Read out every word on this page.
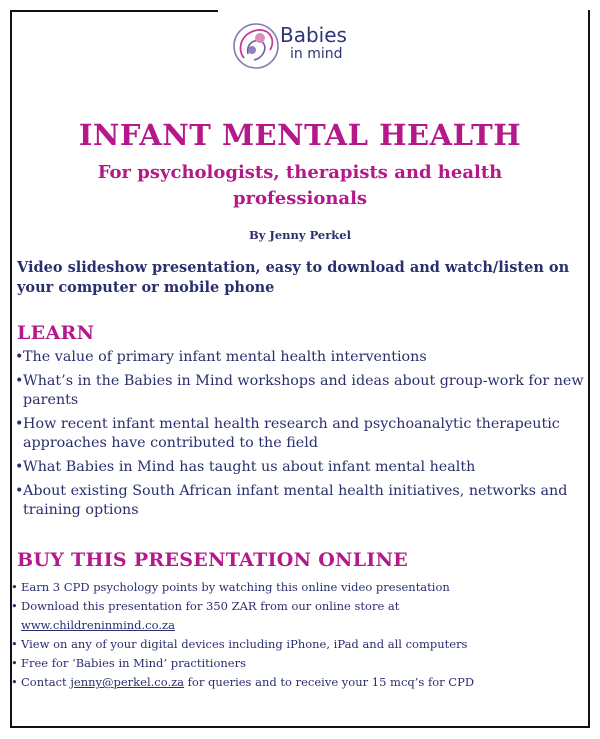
Babies
in mind
INFANT MENTAL HEALTH
For psychologists, therapists and health professionals
By Jenny Perkel
Video slideshow presentation, easy to download and watch/listen on your computer or mobile phone
LEARN
• The value of primary infant mental health interventions
• What’s in the Babies in Mind workshops and ideas about group-work for new parents
• How recent infant mental health research and psychoanalytic therapeutic approaches have contributed to the field
• What Babies in Mind has taught us about infant mental health
• About existing South African infant mental health initiatives, networks and training options
BUY THIS PRESENTATION ONLINE
• Earn 3 CPD psychology points by watching this online video presentation
• Download this presentation for 350 ZAR from our online store at
www.childreninmind.co.za
• View on any of your digital devices including iPhone, iPad and all computers
• Free for ‘Babies in Mind’ practitioners
• Contact jenny@perkel.co.za for queries and to receive your 15 mcq’s for CPD
